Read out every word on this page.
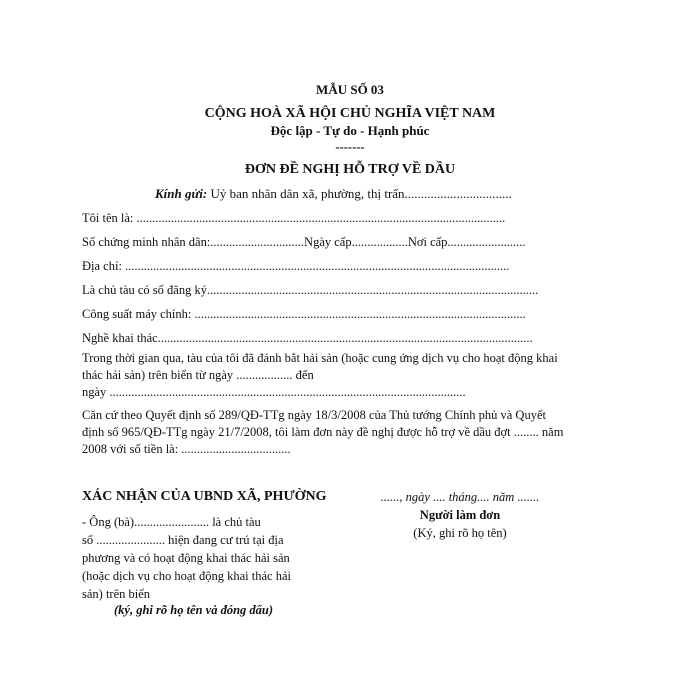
MẪU SỐ 03
CỘNG HOÀ XÃ HỘI CHỦ NGHĨA VIỆT NAM
Độc lập - Tự do - Hạnh phúc
-------
ĐƠN ĐỀ NGHỊ HỖ TRỢ VỀ DẦU
Kính gửi: Uỷ ban nhân dân xã, phường, thị trấn.................................
Tôi tên là: ......................................................................................................................
Số chứng minh nhân dân:..............................Ngày cấp..................Nơi cấp.........................
Địa chỉ: ...........................................................................................................................
Là chủ tàu có số đăng ký..........................................................................................................
Công suất máy chính: ..........................................................................................................
Nghề khai thác........................................................................................................................
Trong thời gian qua, tàu của tôi đã đánh bắt hải sản (hoặc cung ứng dịch vụ cho hoạt động khai
thác hải sản) trên biển từ ngày .................. đến
ngày ..................................................................................................................
Căn cứ theo Quyết định số 289/QĐ-TTg ngày 18/3/2008 của Thủ tướng Chính phủ và Quyết
định số 965/QĐ-TTg ngày 21/7/2008, tôi làm đơn này đề nghị được hỗ trợ về dầu đợt ........ năm
2008 với số tiền là: ...................................
XÁC NHẬN CỦA UBND XÃ, PHƯỜNG
- Ông (bà)........................ là chủ tàu
số ...................... hiện đang cư trú tại địa
phương và có hoạt động khai thác hải sản
(hoặc dịch vụ cho hoạt động khai thác hải
sản) trên biển
(ký, ghi rõ họ tên và đóng dấu)
......, ngày .... tháng.... năm .......
Người làm đơn
(Ký, ghi rõ họ tên)
